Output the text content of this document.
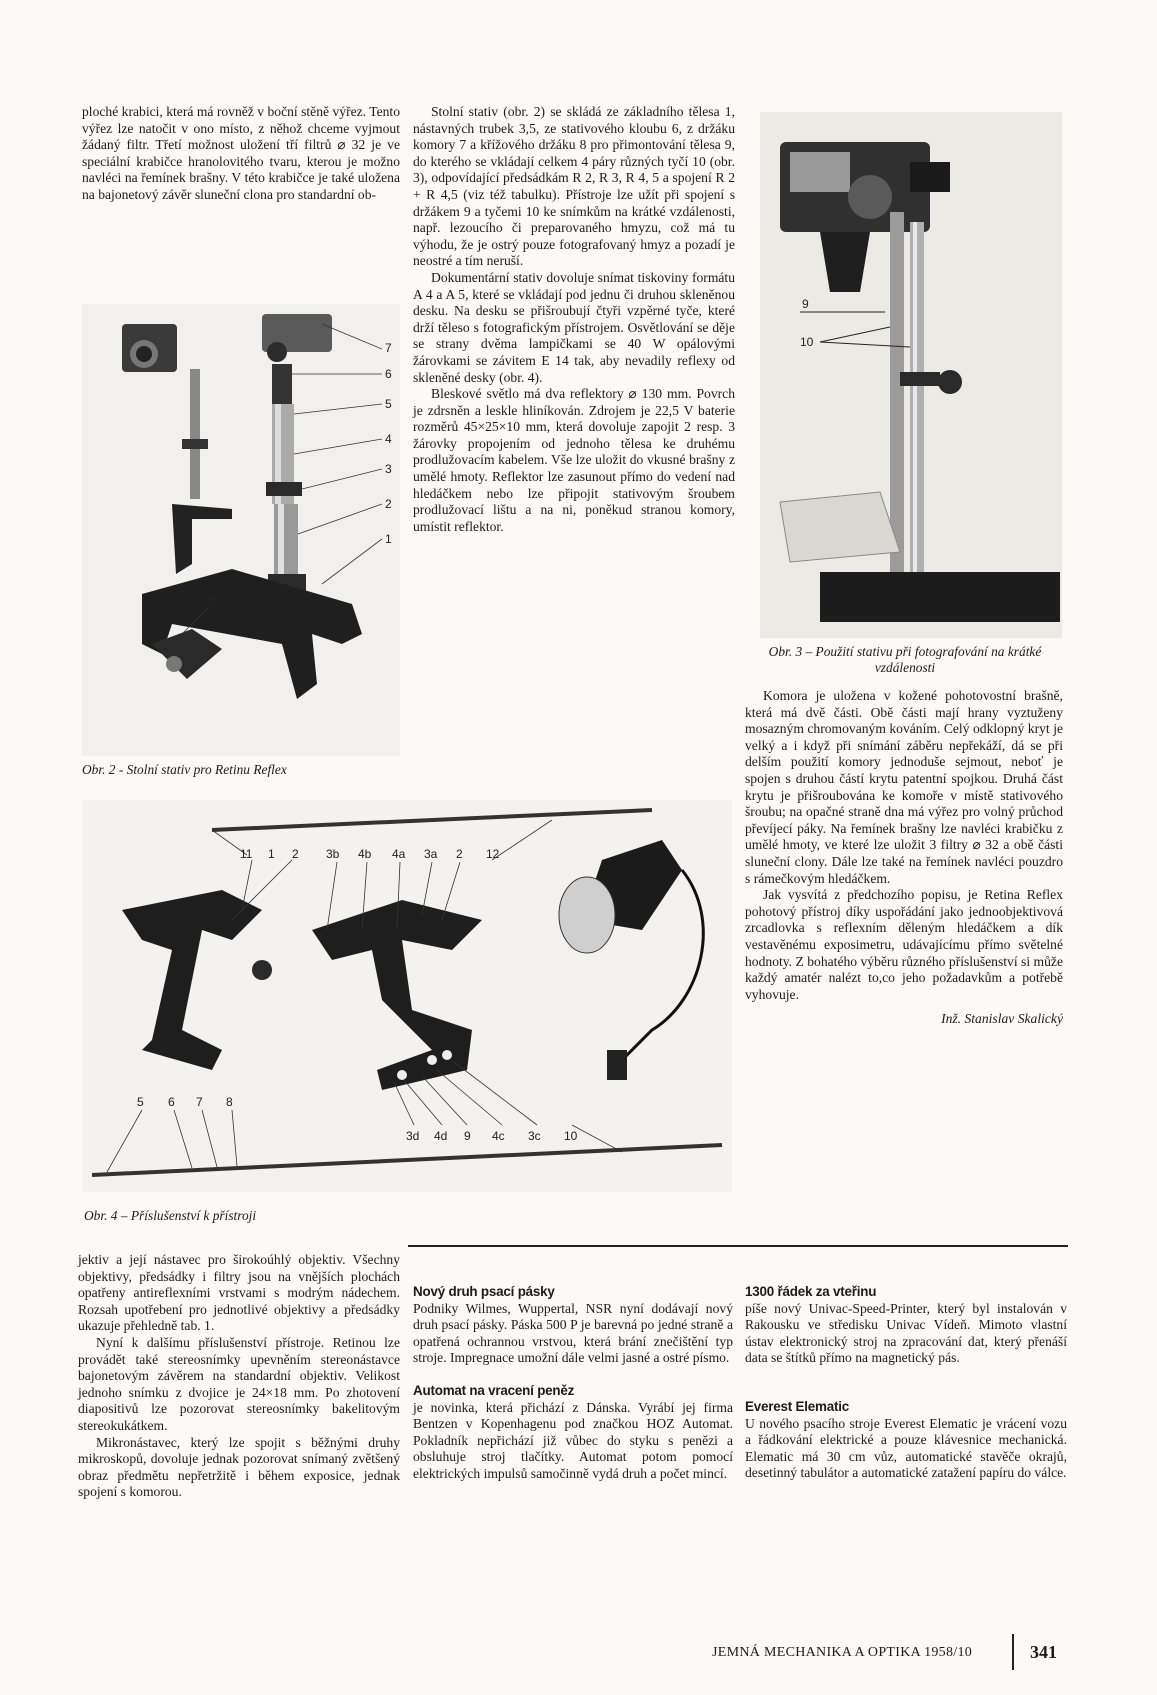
ploché krabici, která má rovněž v boční stěně výřez. Tento výřez lze natočit v ono místo, z něhož chceme vyjmout žádaný filtr. Třetí možnost uložení tří filtrů ⌀ 32 je ve speciální krabičce hranolovitého tvaru, kterou je možno navléci na řemínek brašny. V této krabičce je také uložena na bajonetový závěr sluneční clona pro standardní ob-

7
6
5
4
3
2
1
8
Obr. 2 - Stolní stativ pro Retinu Reflex

Stolní stativ (obr. 2) se skládá ze základního tělesa 1, nástavných trubek 3,5, ze stativového kloubu 6, z držáku komory 7 a křížového držáku 8 pro přimontování tělesa 9, do kterého se vkládají celkem 4 páry různých tyčí 10 (obr. 3), odpovídající předsádkám R 2, R 3, R 4, 5 a spojení R 2 + R 4,5 (viz též tabulku). Přístroje lze užít při spojení s držákem 9 a tyčemi 10 ke snímkům na krátké vzdálenosti, např. lezoucího či preparovaného hmyzu, což má tu výhodu, že je ostrý pouze fotografovaný hmyz a pozadí je neostré a tím neruší.

Dokumentární stativ dovoluje snímat tiskoviny formátu A 4 a A 5, které se vkládají pod jednu či druhou skleněnou desku. Na desku se přišroubují čtyři vzpěrné tyče, které drží těleso s fotografickým přístrojem. Osvětlování se děje se strany dvěma lampičkami se 40 W opálovými žárovkami se závitem E 14 tak, aby nevadily reflexy od skleněné desky (obr. 4).

Bleskové světlo má dva reflektory ⌀ 130 mm. Povrch je zdrsněn a leskle hliníkován. Zdrojem je 22,5 V baterie rozměrů 45×25×10 mm, která dovoluje zapojit 2 resp. 3 žárovky propojením od jednoho tělesa ke druhému prodlužovacím kabelem. Vše lze uložit do vkusné brašny z umělé hmoty. Reflektor lze zasunout přímo do vedení nad hledáčkem nebo lze připojit stativovým šroubem prodlužovací lištu a na ni, poněkud stranou komory, umístit reflektor.

9
10
Obr. 3 – Použití stativu při fotografování na krátké vzdálenosti

Komora je uložena v kožené pohotovostní brašně, která má dvě části. Obě části mají hrany vyztuženy mosazným chromovaným kováním. Celý odklopný kryt je velký a i když při snímání záběru nepřekáží, dá se při delším použití komory jednoduše sejmout, neboť je spojen s druhou částí krytu patentní spojkou. Druhá část krytu je přišroubována ke komoře v místě stativového šroubu; na opačné straně dna má výřez pro volný průchod převíjecí páky. Na řemínek brašny lze navléci krabičku z umělé hmoty, ve které lze uložit 3 filtry ⌀ 32 a obě části sluneční clony. Dále lze také na řemínek navléci pouzdro s rámečkovým hledáčkem.

Jak vysvítá z předchozího popisu, je Retina Reflex pohotový přístroj díky uspořádání jako jednoobjektivová zrcadlovka s reflexním děleným hledáčkem a dík vestavěnému exposimetru, udávajícímu přímo světelné hodnoty. Z bohatého výběru různého příslušenství si může každý amatér nalézt to,co jeho požadavkům a potřebě vyhovuje.

Inž. Stanislav Skalický

11 1 2 3b 4b 4a 3a 2 12
5 6 7 8
3d 4d 9 4c 3c 10
Obr. 4 – Příslušenství k přístroji

jektiv a její nástavec pro širokoúhlý objektiv. Všechny objektivy, předsádky i filtry jsou na vnějších plochách opatřeny antireflexními vrstvami s modrým nádechem. Rozsah upotřebení pro jednotlivé objektivy a předsádky ukazuje přehledně tab. 1.

Nyní k dalšímu příslušenství přístroje. Retinou lze provádět také stereosnímky upevněním stereonástavce bajonetovým závěrem na standardní objektiv. Velikost jednoho snímku z dvojice je 24×18 mm. Po zhotovení diapositivů lze pozorovat stereosnímky bakelitovým stereokukátkem.

Mikronástavec, který lze spojit s běžnými druhy mikroskopů, dovoluje jednak pozorovat snímaný zvětšený obraz předmětu nepřetržitě i během exposice, jednak spojení s komorou.

Nový druh psací pásky

Podniky Wilmes, Wuppertal, NSR nyní dodávají nový druh psací pásky. Páska 500 P je barevná po jedné straně a opatřená ochrannou vrstvou, která brání znečištění typ stroje. Impregnace umožní dále velmi jasné a ostré písmo.

Automat na vracení peněz

je novinka, která přichází z Dánska. Vyrábí jej firma Bentzen v Kopenhagenu pod značkou HOZ Automat. Pokladník nepřichází již vůbec do styku s penězi a obsluhuje stroj tlačítky. Automat potom pomocí elektrických impulsů samočinně vydá druh a počet mincí.

1300 řádek za vteřinu

píše nový Univac-Speed-Printer, který byl instalován v Rakousku ve středisku Univac Vídeň. Mimoto vlastní ústav elektronický stroj na zpracování dat, který přenáší data se štítků přímo na magnetický pás.

Everest Elematic

U nového psacího stroje Everest Elematic je vrácení vozu a řádkování elektrické a pouze klávesnice mechanická. Elematic má 30 cm vůz, automatické stavěče okrajů, desetinný tabulátor a automatické zatažení papíru do válce.

JEMNÁ MECHANIKA A OPTIKA 1958/10	341
